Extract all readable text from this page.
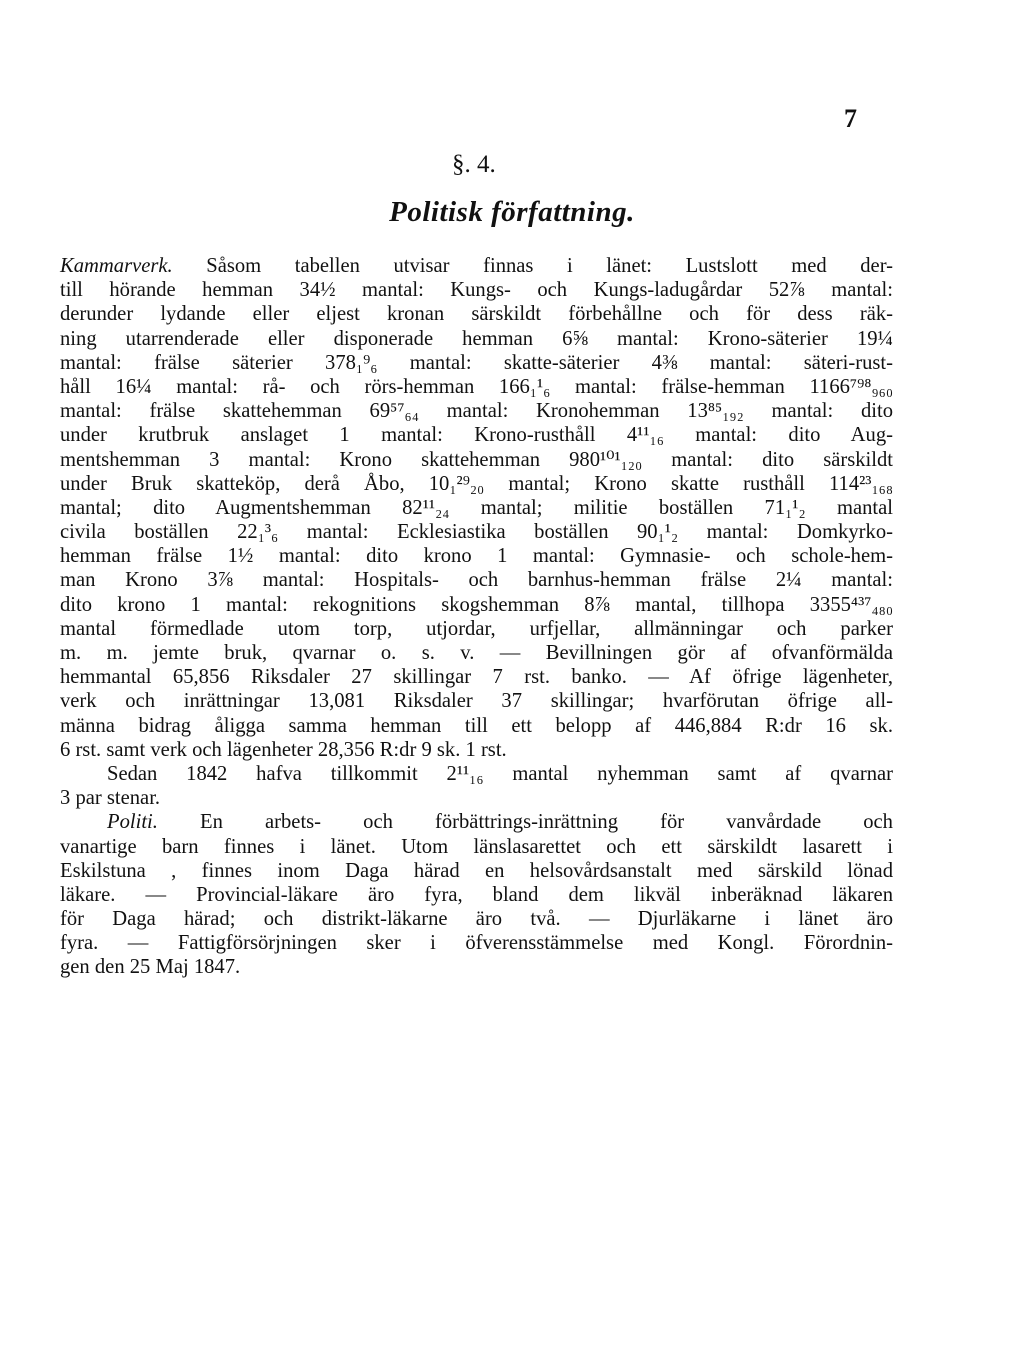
7
§. 4.
Politisk författning.
Kammarverk. Såsom tabellen utvisar finnas i länet: Lustslott med der-
till hörande hemman 34½ mantal: Kungs- och Kungs-ladugårdar 52⅞ mantal:
derunder lydande eller eljest kronan särskildt förbehållne och för dess räk-
ning utarrenderade eller disponerade hemman 6⅝ mantal: Krono-säterier 19¼
mantal: frälse säterier 378₁⁹₆ mantal: skatte-säterier 4⅜ mantal: säteri-rust-
håll 16¼ mantal: rå- och rörs-hemman 166₁¹₆ mantal: frälse-hemman 1166⁷⁹⁸₉₆₀
mantal: frälse skattehemman 69⁵⁷₆₄ mantal: Kronohemman 13⁸⁵₁₉₂ mantal: dito
under krutbruk anslaget 1 mantal: Krono-rusthåll 4¹¹₁₆ mantal: dito Aug-
mentshemman 3 mantal: Krono skattehemman 980¹⁰¹₁₂₀ mantal: dito särskildt
under Bruk skatteköp, derå Åbo, 10₁²⁹₂₀ mantal; Krono skatte rusthåll 114²³₁₆₈
mantal; dito Augmentshemman 82¹¹₂₄ mantal; militie boställen 71₁¹₂ mantal
civila boställen 22₁³₆ mantal: Ecklesiastika boställen 90₁¹₂ mantal: Domkyrko-
hemman frälse 1½ mantal: dito krono 1 mantal: Gymnasie- och schole-hem-
man Krono 3⅞ mantal: Hospitals- och barnhus-hemman frälse 2¼ mantal:
dito krono 1 mantal: rekognitions skogshemman 8⅞ mantal, tillhopa 3355⁴³⁷₄₈₀
mantal förmedlade utom torp, utjordar, urfjellar, allmänningar och parker
m. m. jemte bruk, qvarnar o. s. v. — Bevillningen gör af ofvanförmälda
hemmantal 65,856 Riksdaler 27 skillingar 7 rst. banko. — Af öfrige lägenheter,
verk och inrättningar 13,081 Riksdaler 37 skillingar; hvarförutan öfrige all-
männa bidrag åligga samma hemman till ett belopp af 446,884 R:dr 16 sk.
6 rst. samt verk och lägenheter 28,356 R:dr 9 sk. 1 rst.
Sedan 1842 hafva tillkommit 2¹¹₁₆ mantal nyhemman samt af qvarnar
3 par stenar.
Politi. En arbets- och förbättrings-inrättning för vanvårdade och
vanartige barn finnes i länet. Utom länslasarettet och ett särskildt lasarett i
Eskilstuna , finnes inom Daga härad en helsovårdsanstalt med särskild lönad
läkare. — Provincial-läkare äro fyra, bland dem likväl inberäknad läkaren
för Daga härad; och distrikt-läkarne äro två. — Djurläkarne i länet äro
fyra. — Fattigförsörjningen sker i öfverensstämmelse med Kongl. Förordnin-
gen den 25 Maj 1847.
